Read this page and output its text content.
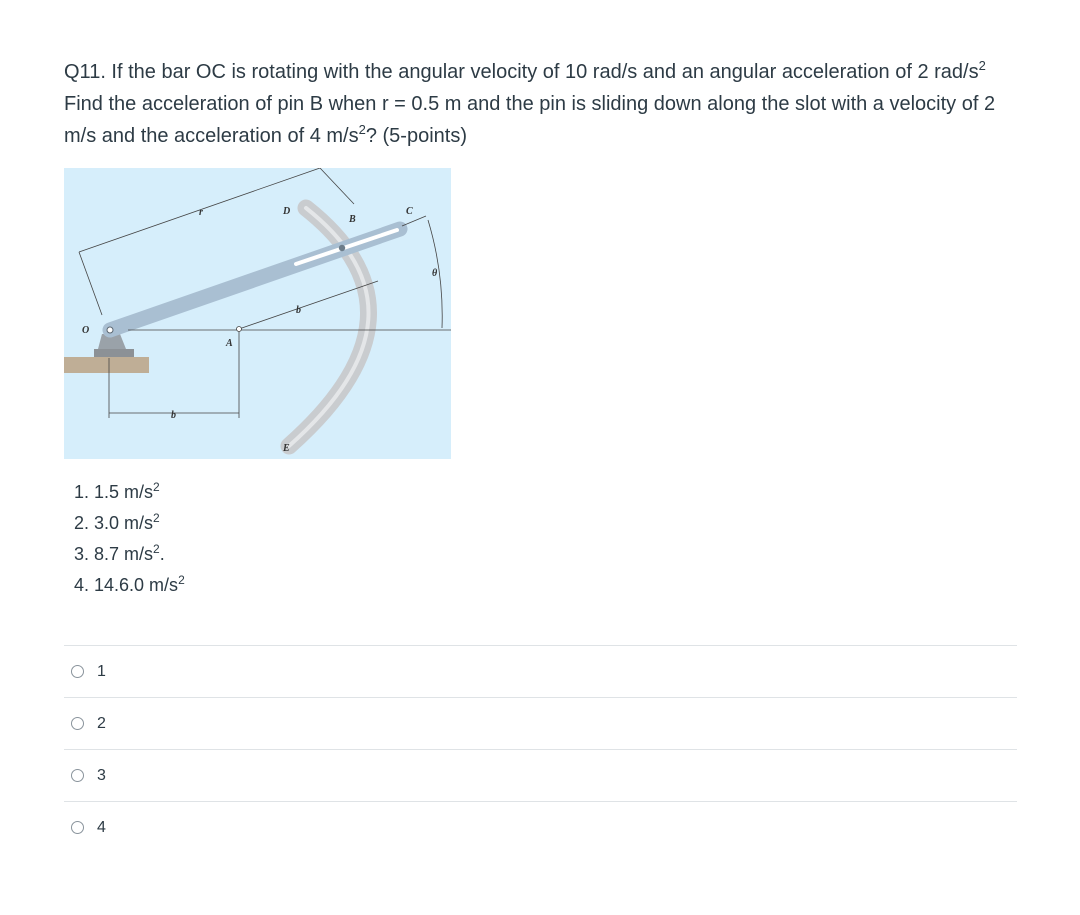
Q11. If the bar OC is rotating with the angular velocity of 10 rad/s and an angular acceleration of 2 rad/$s^2$ Find the acceleration of pin B when r = 0.5 m and the pin is sliding down along the slot with a velocity of 2 m/s and the acceleration of 4 $m/s^2$? (5-points)
O
A
B
C
D
E
r
b
b
θ
1. 1.5 $m/s^2$
2. 3.0 $m/s^2$
3. 8.7 $m/s^2$.
4. 14.6.0 $m/s^2$
1
2
3
4
